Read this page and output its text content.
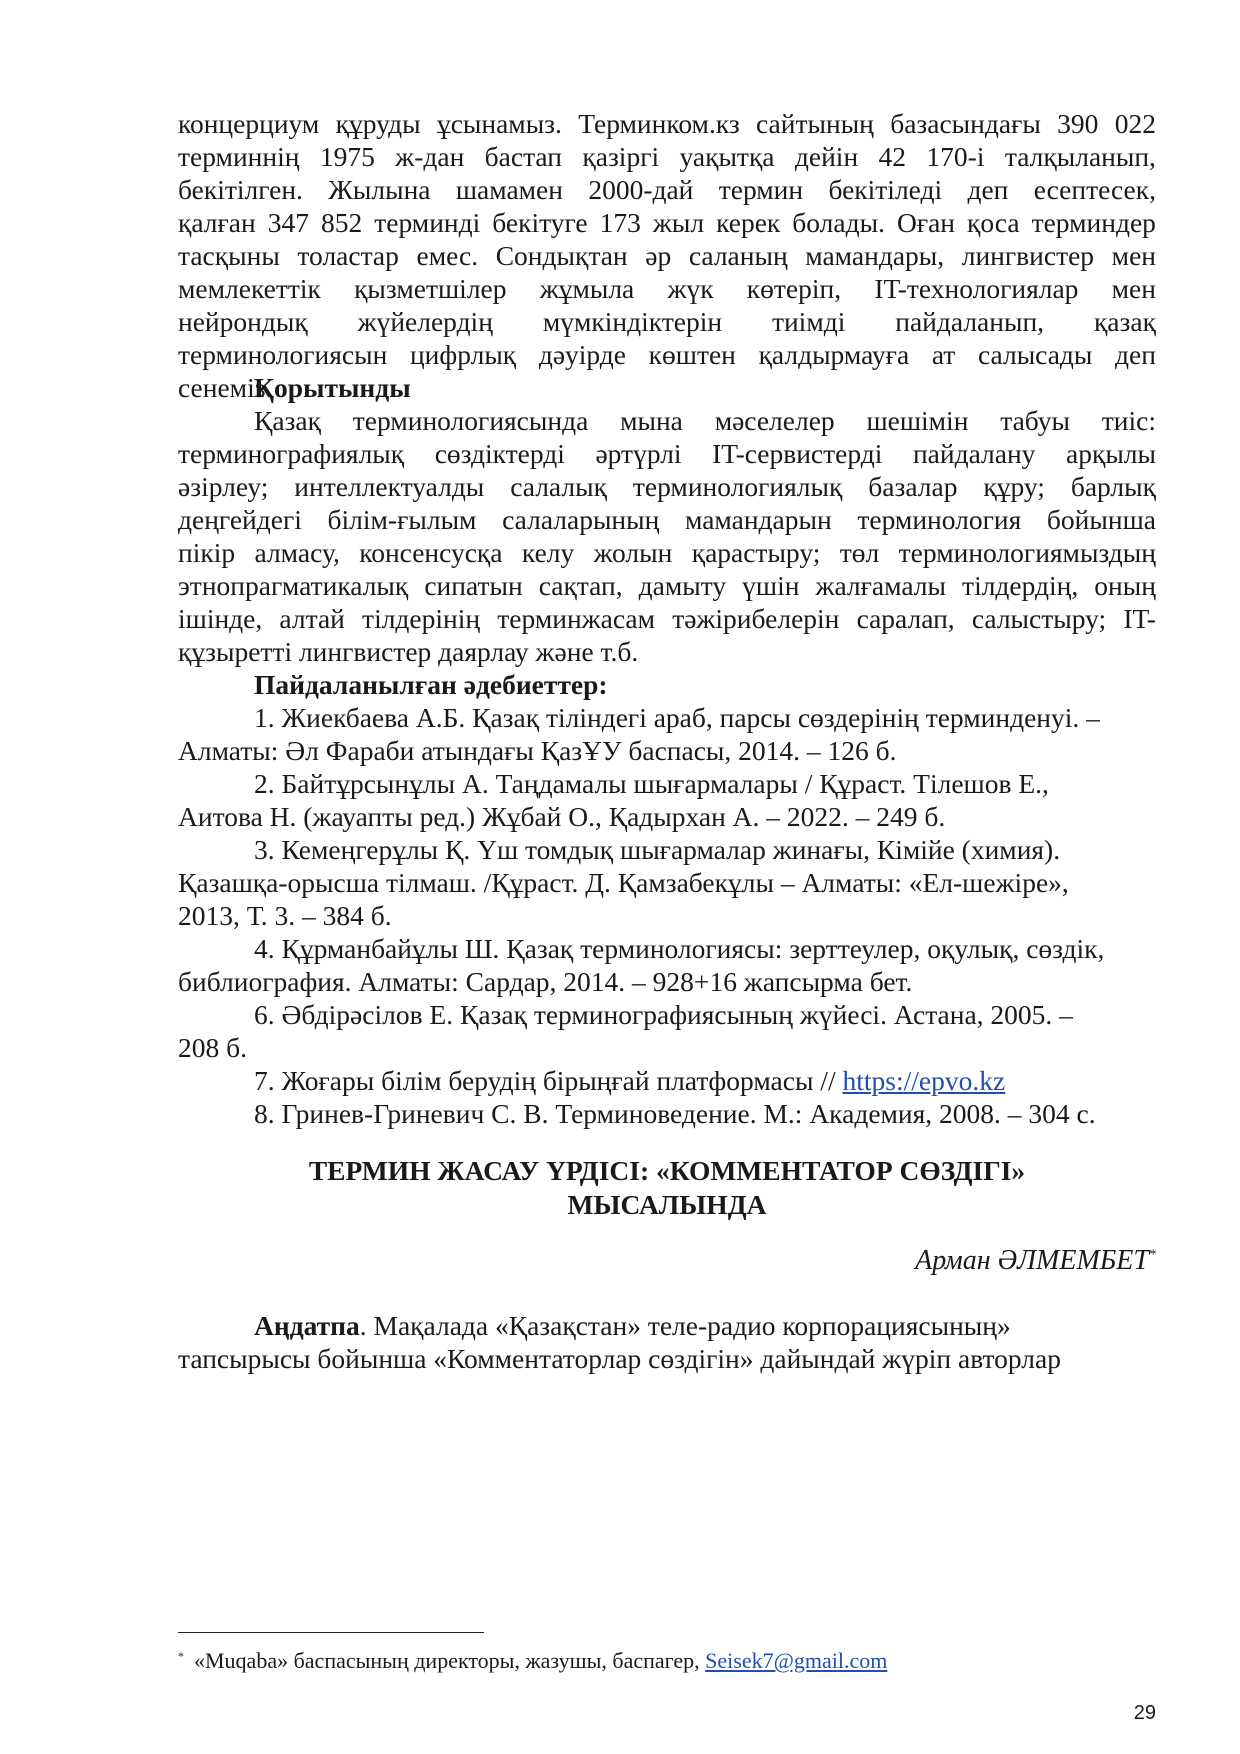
концерциум құруды ұсынамыз. Терминком.кз сайтының базасындағы 390 022
терминнің 1975 ж-дан бастап қазіргі уақытқа дейін 42 170-і талқыланып,
бекітілген. Жылына шамамен 2000-дай термин бекітіледі деп есептесек,
қалған 347 852 терминді бекітуге 173 жыл керек болады. Оған қоса терминдер
тасқыны толастар емес. Сондықтан әр саланың мамандары, лингвистер мен
мемлекеттік қызметшілер жұмыла жүк көтеріп, IT-технологиялар мен
нейрондық жүйелердің мүмкіндіктерін тиімді пайдаланып, қазақ
терминологиясын цифрлық дәуірде көштен қалдырмауға ат салысады деп
сенеміз.
Қорытынды
Қазақ терминологиясында мына мәселелер шешімін табуы тиіс:
терминографиялық сөздіктерді әртүрлі IT-сервистерді пайдалану арқылы
әзірлеу; интеллектуалды салалық терминологиялық базалар құру; барлық
деңгейдегі білім-ғылым салаларының мамандарын терминология бойынша
пікір алмасу, консенсусқа келу жолын қарастыру; төл терминологиямыздың
этнопрагматикалық сипатын сақтап, дамыту үшін жалғамалы тілдердің, оның
ішінде, алтай тілдерінің терминжасам тәжірибелерін саралап, салыстыру; IT-
құзыретті лингвистер даярлау және т.б.
Пайдаланылған әдебиеттер:
1. Жиекбаева А.Б. Қазақ тіліндегі араб, парсы сөздерінің терминденуі. –
Алматы: Әл Фараби атындағы ҚазҰУ баспасы, 2014. – 126 б.
2. Байтұрсынұлы А. Таңдамалы шығармалары / Құраст. Тілешов Е.,
Аитова Н. (жауапты ред.) Жұбай О., Қадырхан А. – 2022. – 249 б.
3. Кемеңгерұлы Қ. Үш томдық шығармалар жинағы, Кімійе (химия).
Қазашқа-орысша тілмаш. /Құраст. Д. Қамзабекұлы – Алматы: «Ел-шежіре»,
2013, Т. 3. – 384 б.
4. Құрманбайұлы Ш. Қазақ терминологиясы: зерттеулер, оқулық, сөздік,
библиография. Алматы: Сардар, 2014. – 928+16 жапсырма бет.
6. Әбдірәсілов Е. Қазақ терминографиясының жүйесі. Астана, 2005. –
208 б.
7. Жоғары білім берудің бірыңғай платформасы // https://epvo.kz
8. Гринев-Гриневич С. В. Терминоведение. М.: Академия, 2008. – 304 с.
ТЕРМИН ЖАСАУ ҮРДІСІ: «КОММЕНТАТОР СӨЗДІГІ»
МЫСАЛЫНДА
Арман ӘЛМЕМБЕТ*
Аңдатпа. Мақалада «Қазақстан» теле-радио корпорациясының»
тапсырысы бойынша «Комментаторлар сөздігін» дайындай жүріп авторлар
* «Muqaba» баспасының директоры, жазушы, баспагер, Seisek7@gmail.com
29
